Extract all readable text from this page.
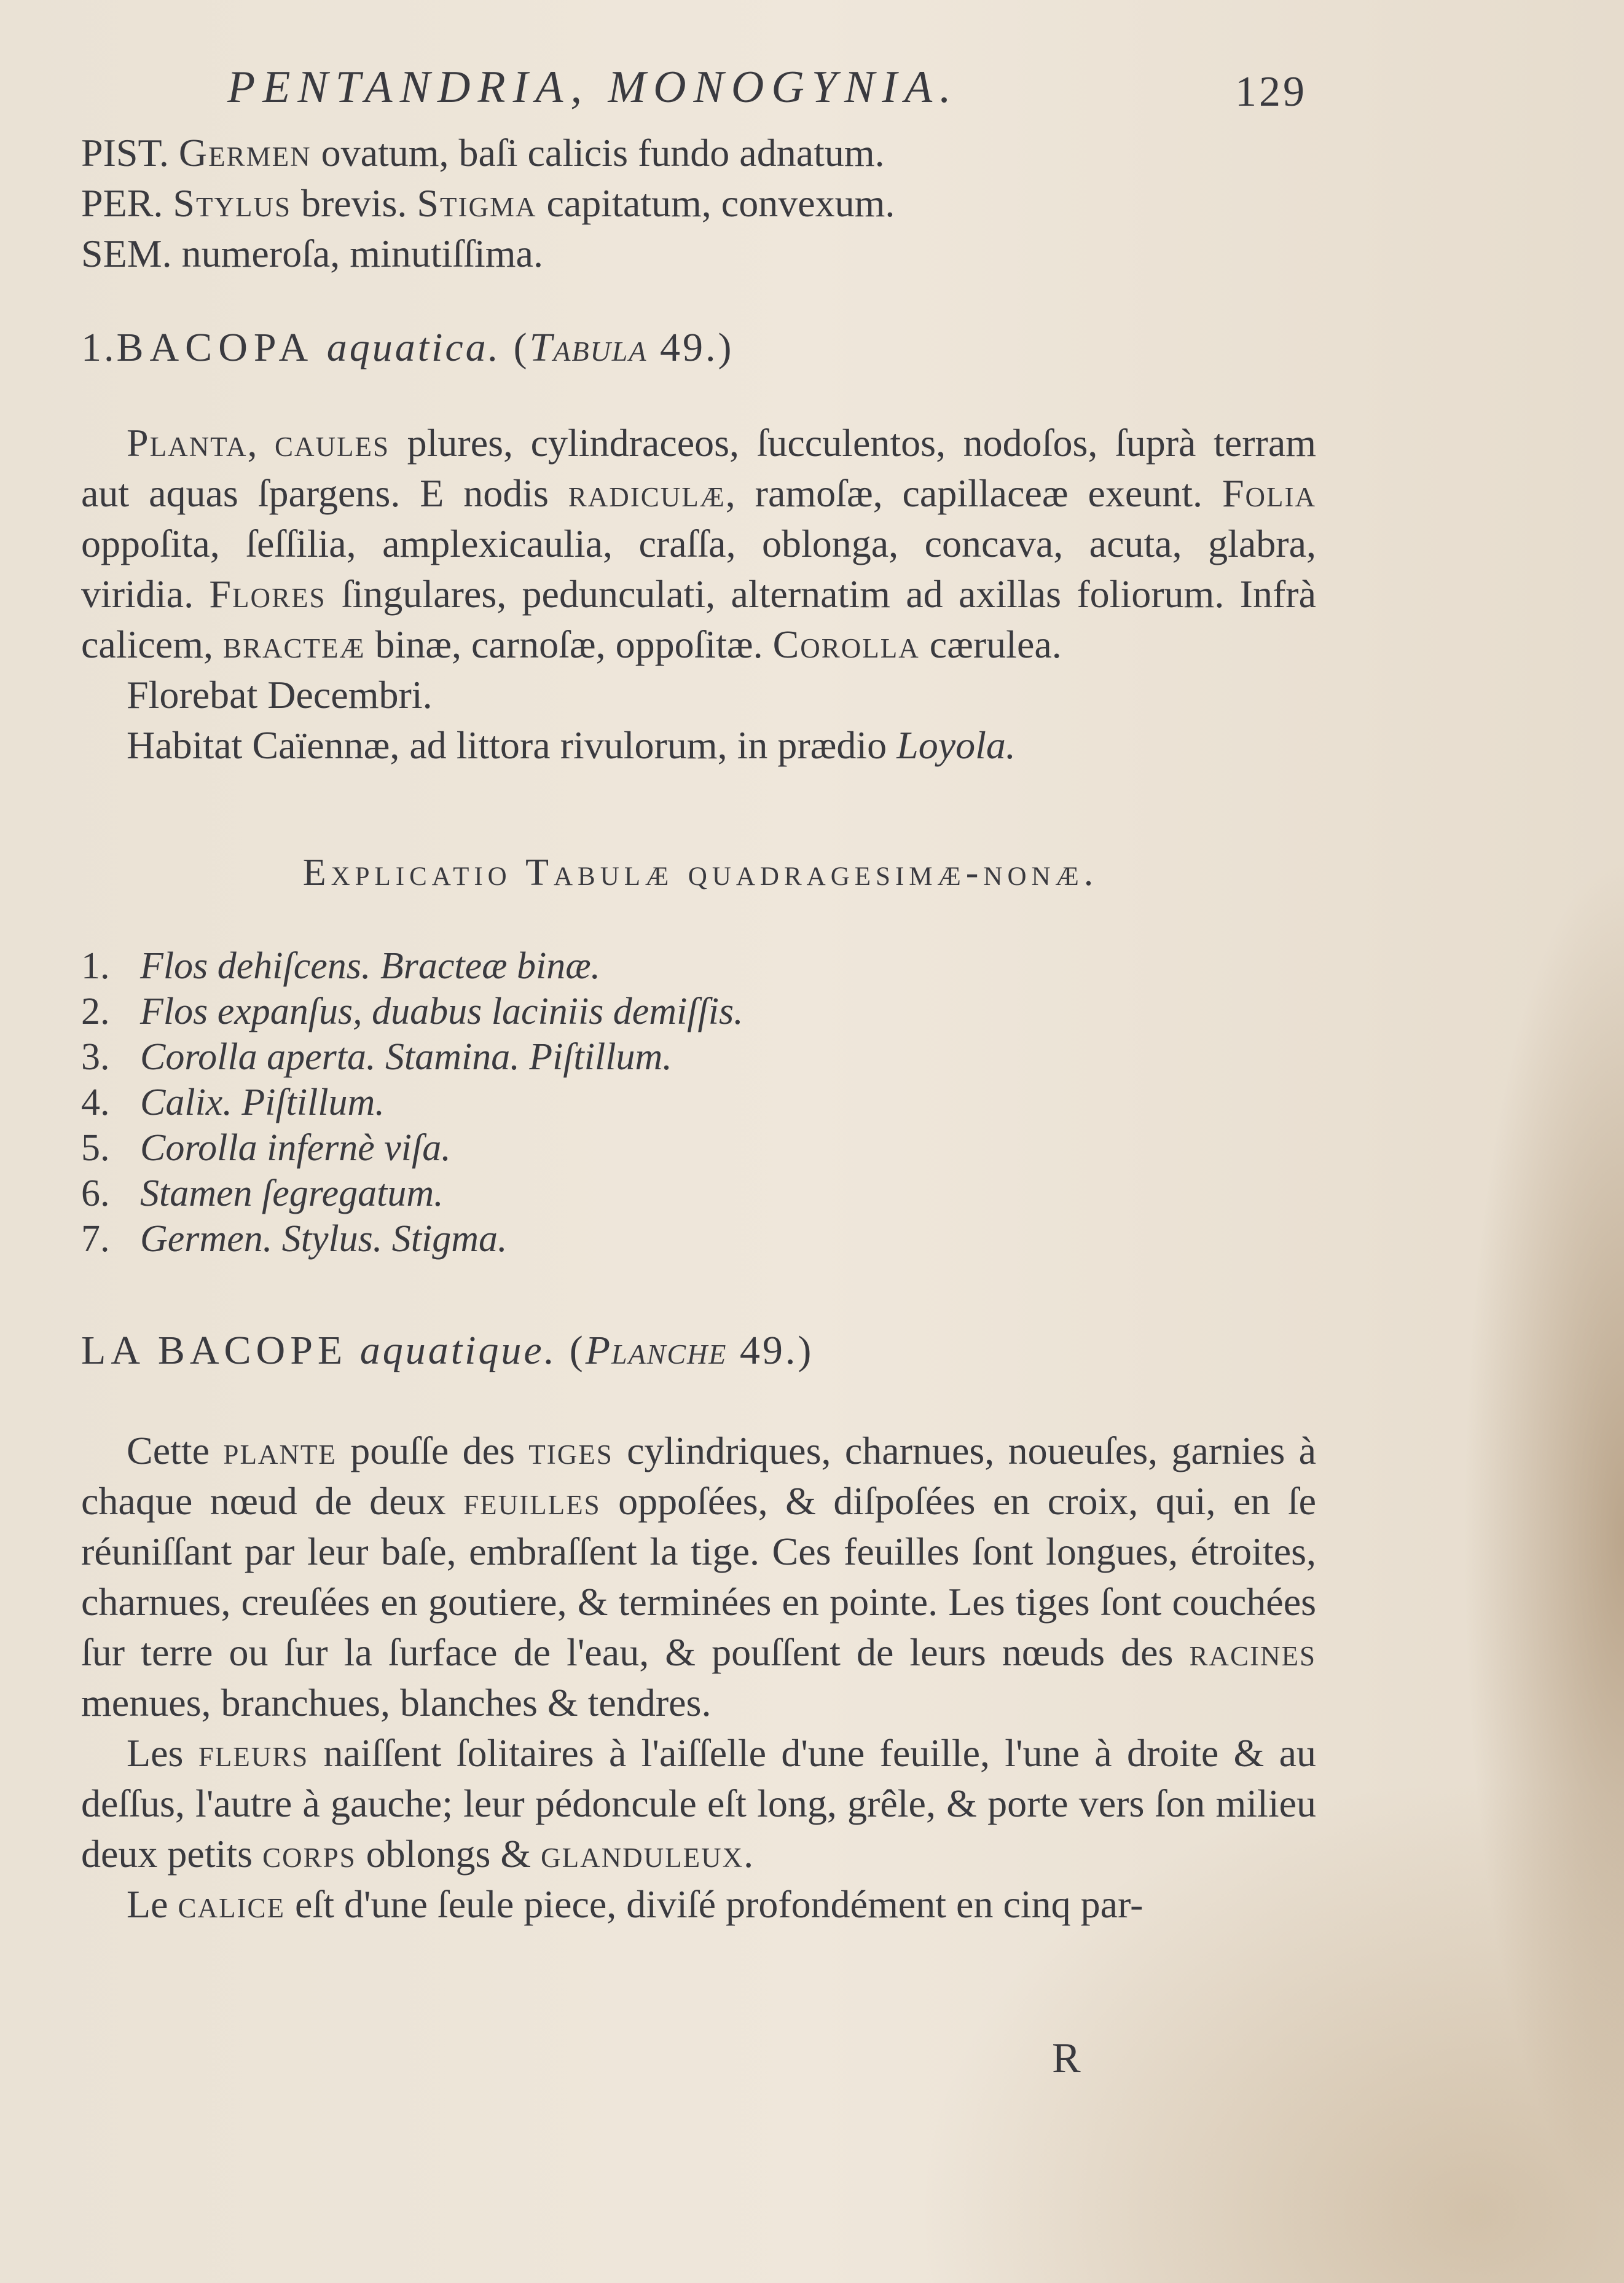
PENTANDRIA, MONOGYNIA.	129

PIST. Germen ovatum, baſi calicis fundo adnatum.

PER. Stylus brevis. Stigma capitatum, convexum.

SEM. numeroſa, minutiſſima.

1.BACOPA aquatica. (Tabula 49.)

Planta, caules plures, cylindraceos, ſucculentos, nodoſos, ſuprà terram aut aquas ſpargens. E nodis radiculæ, ramoſæ, capillaceæ exeunt. Folia oppoſita, ſeſſilia, amplexicaulia, craſſa, oblonga, concava, acuta, glabra, viridia. Flores ſingulares, pedunculati, alternatim ad axillas foliorum. Infrà calicem, bracteæ binæ, carnoſæ, oppoſitæ. Corolla cærulea.

Florebat Decembri.

Habitat Caïennæ, ad littora rivulorum, in prædio Loyola.

Explicatio Tabulæ quadragesimæ-nonæ.
1. Flos dehiſcens. Bracteæ binæ.
2. Flos expanſus, duabus laciniis demiſſis.
3. Corolla aperta. Stamina. Piſtillum.
4. Calix. Piſtillum.
5. Corolla infernè viſa.
6. Stamen ſegregatum.
7. Germen. Stylus. Stigma.
LA BACOPE aquatique. (Planche 49.)

Cette plante pouſſe des tiges cylindriques, charnues, noueuſes, garnies à chaque nœud de deux feuilles oppoſées, & diſpoſées en croix, qui, en ſe réuniſſant par leur baſe, embraſſent la tige. Ces feuilles ſont longues, étroites, charnues, creuſées en goutiere, & terminées en pointe. Les tiges ſont couchées ſur terre ou ſur la ſurface de l'eau, & pouſſent de leurs nœuds des racines menues, branchues, blanches & tendres.

Les fleurs naiſſent ſolitaires à l'aiſſelle d'une feuille, l'une à droite & au deſſus, l'autre à gauche; leur pédoncule eſt long, grêle, & porte vers ſon milieu deux petits corps oblongs & glanduleux.

Le calice eſt d'une ſeule piece, diviſé profondément en cinq par-

R
